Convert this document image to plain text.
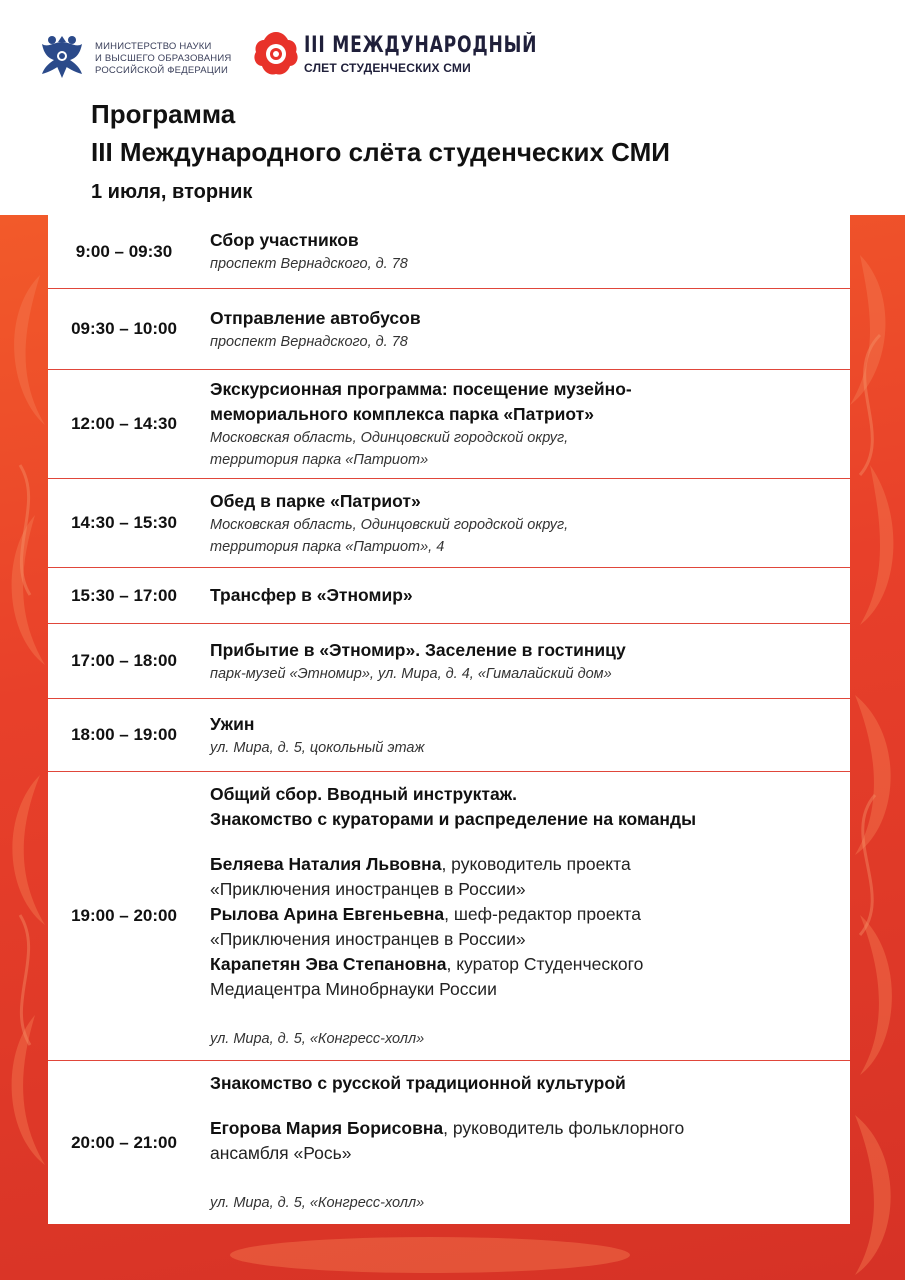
МИНИСТЕРСТВО НАУКИ
И ВЫСШЕГО ОБРАЗОВАНИЯ
РОССИЙСКОЙ ФЕДЕРАЦИИ
III МЕЖДУНАРОДНЫЙ
СЛЕТ СТУДЕНЧЕСКИХ СМИ
Программа
III Международного слёта студенческих СМИ
1 июля, вторник
9:00 – 09:30
Сбор участников
проспект Вернадского, д. 78
09:30 – 10:00
Отправление автобусов
проспект Вернадского, д. 78
12:00 – 14:30
Экскурсионная программа: посещение музейно-
мемориального комплекса парка «Патриот»
Московская область, Одинцовский городской округ,
территория парка «Патриот»
14:30 – 15:30
Обед в парке «Патриот»
Московская область, Одинцовский городской округ,
территория парка «Патриот», 4
15:30 – 17:00	Трансфер в «Этномир»
17:00 – 18:00
Прибытие в «Этномир». Заселение в гостиницу
парк-музей «Этномир», ул. Мира, д. 4, «Гималайский дом»
18:00 – 19:00
Ужин
ул. Мира, д. 5, цокольный этаж
19:00 – 20:00
Общий сбор. Вводный инструктаж.
Знакомство с кураторами и распределение на команды
Беляева Наталия Львовна, руководитель проекта
«Приключения иностранцев в России»
Рылова Арина Евгеньевна, шеф-редактор проекта
«Приключения иностранцев в России»
Карапетян Эва Степановна, куратор Студенческого
Медиацентра Минобрнауки России
ул. Мира, д. 5, «Конгресс-холл»
20:00 – 21:00
Знакомство с русской традиционной культурой
Егорова Мария Борисовна, руководитель фольклорного
ансамбля «Рось»
ул. Мира, д. 5, «Конгресс-холл»
